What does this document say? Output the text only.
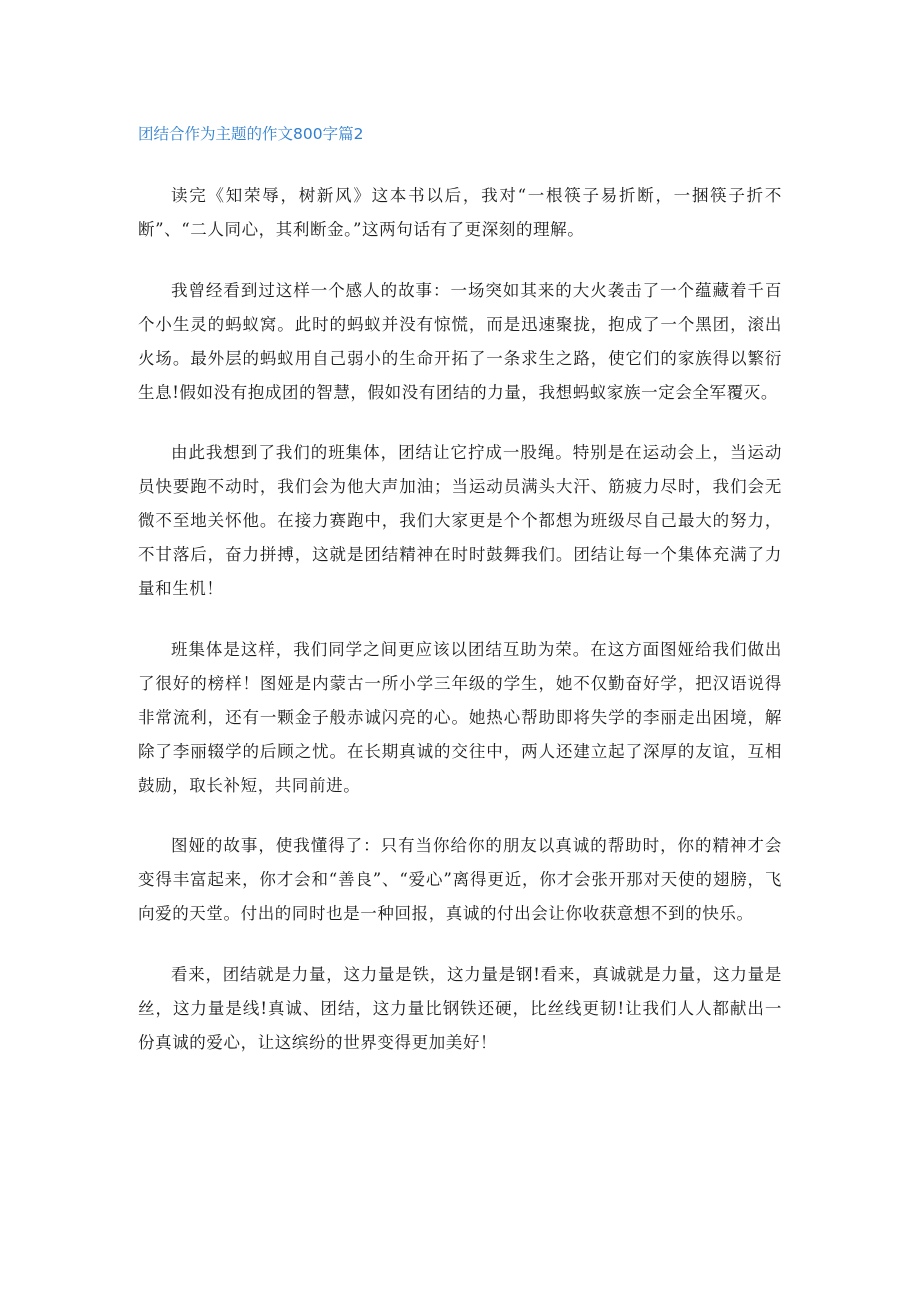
团结合作为主题的作文800字篇2

读完《知荣辱，树新风》这本书以后，我对“一根筷子易折断，一捆筷子折不断”、“二人同心，其利断金。”这两句话有了更深刻的理解。

我曾经看到过这样一个感人的故事：一场突如其来的大火袭击了一个蕴藏着千百个小生灵的蚂蚁窝。此时的蚂蚁并没有惊慌，而是迅速聚拢，抱成了一个黑团，滚出火场。最外层的蚂蚁用自己弱小的生命开拓了一条求生之路，使它们的家族得以繁衍生息!假如没有抱成团的智慧，假如没有团结的力量，我想蚂蚁家族一定会全军覆灭。

由此我想到了我们的班集体，团结让它拧成一股绳。特别是在运动会上，当运动员快要跑不动时，我们会为他大声加油；当运动员满头大汗、筋疲力尽时，我们会无微不至地关怀他。在接力赛跑中，我们大家更是个个都想为班级尽自己最大的努力，不甘落后，奋力拼搏，这就是团结精神在时时鼓舞我们。团结让每一个集体充满了力量和生机！

班集体是这样，我们同学之间更应该以团结互助为荣。在这方面图娅给我们做出了很好的榜样！图娅是内蒙古一所小学三年级的学生，她不仅勤奋好学，把汉语说得非常流利，还有一颗金子般赤诚闪亮的心。她热心帮助即将失学的李丽走出困境，解除了李丽辍学的后顾之忧。在长期真诚的交往中，两人还建立起了深厚的友谊，互相鼓励，取长补短，共同前进。

图娅的故事，使我懂得了：只有当你给你的朋友以真诚的帮助时，你的精神才会变得丰富起来，你才会和“善良”、“爱心”离得更近，你才会张开那对天使的翅膀，飞向爱的天堂。付出的同时也是一种回报，真诚的付出会让你收获意想不到的快乐。

看来，团结就是力量，这力量是铁，这力量是钢!看来，真诚就是力量，这力量是丝，这力量是线!真诚、团结，这力量比钢铁还硬，比丝线更韧!让我们人人都献出一份真诚的爱心，让这缤纷的世界变得更加美好！
